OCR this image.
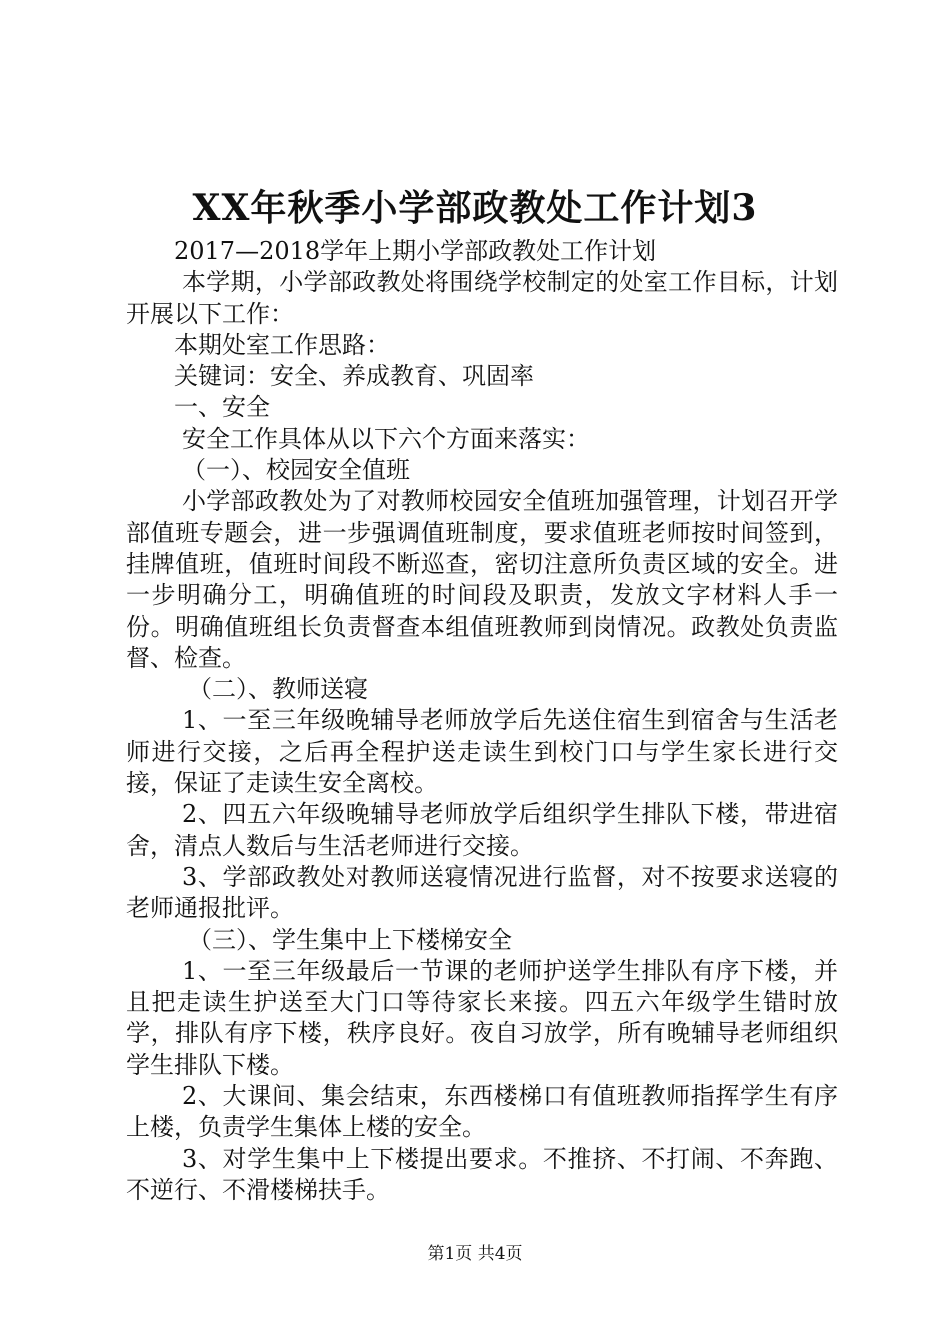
XX年秋季小学部政教处工作计划3

2017—2018学年上期小学部政教处工作计划

本学期，小学部政教处将围绕学校制定的处室工作目标，计划开展以下工作：

本期处室工作思路：

关键词：安全、养成教育、巩固率

一、安全

安全工作具体从以下六个方面来落实：

（一）、校园安全值班

小学部政教处为了对教师校园安全值班加强管理，计划召开学部值班专题会，进一步强调值班制度，要求值班老师按时间签到，挂牌值班，值班时间段不断巡查，密切注意所负责区域的安全。进一步明确分工，明确值班的时间段及职责，发放文字材料人手一份。明确值班组长负责督查本组值班教师到岗情况。政教处负责监督、检查。

（二）、教师送寝

1、一至三年级晚辅导老师放学后先送住宿生到宿舍与生活老师进行交接，之后再全程护送走读生到校门口与学生家长进行交接，保证了走读生安全离校。

2、四五六年级晚辅导老师放学后组织学生排队下楼，带进宿舍，清点人数后与生活老师进行交接。

3、学部政教处对教师送寝情况进行监督，对不按要求送寝的老师通报批评。

（三）、学生集中上下楼梯安全

1、一至三年级最后一节课的老师护送学生排队有序下楼，并且把走读生护送至大门口等待家长来接。四五六年级学生错时放学，排队有序下楼，秩序良好。夜自习放学，所有晚辅导老师组织学生排队下楼。

2、大课间、集会结束，东西楼梯口有值班教师指挥学生有序上楼，负责学生集体上楼的安全。

3、对学生集中上下楼提出要求。不推挤、不打闹、不奔跑、不逆行、不滑楼梯扶手。

第1页 共4页
